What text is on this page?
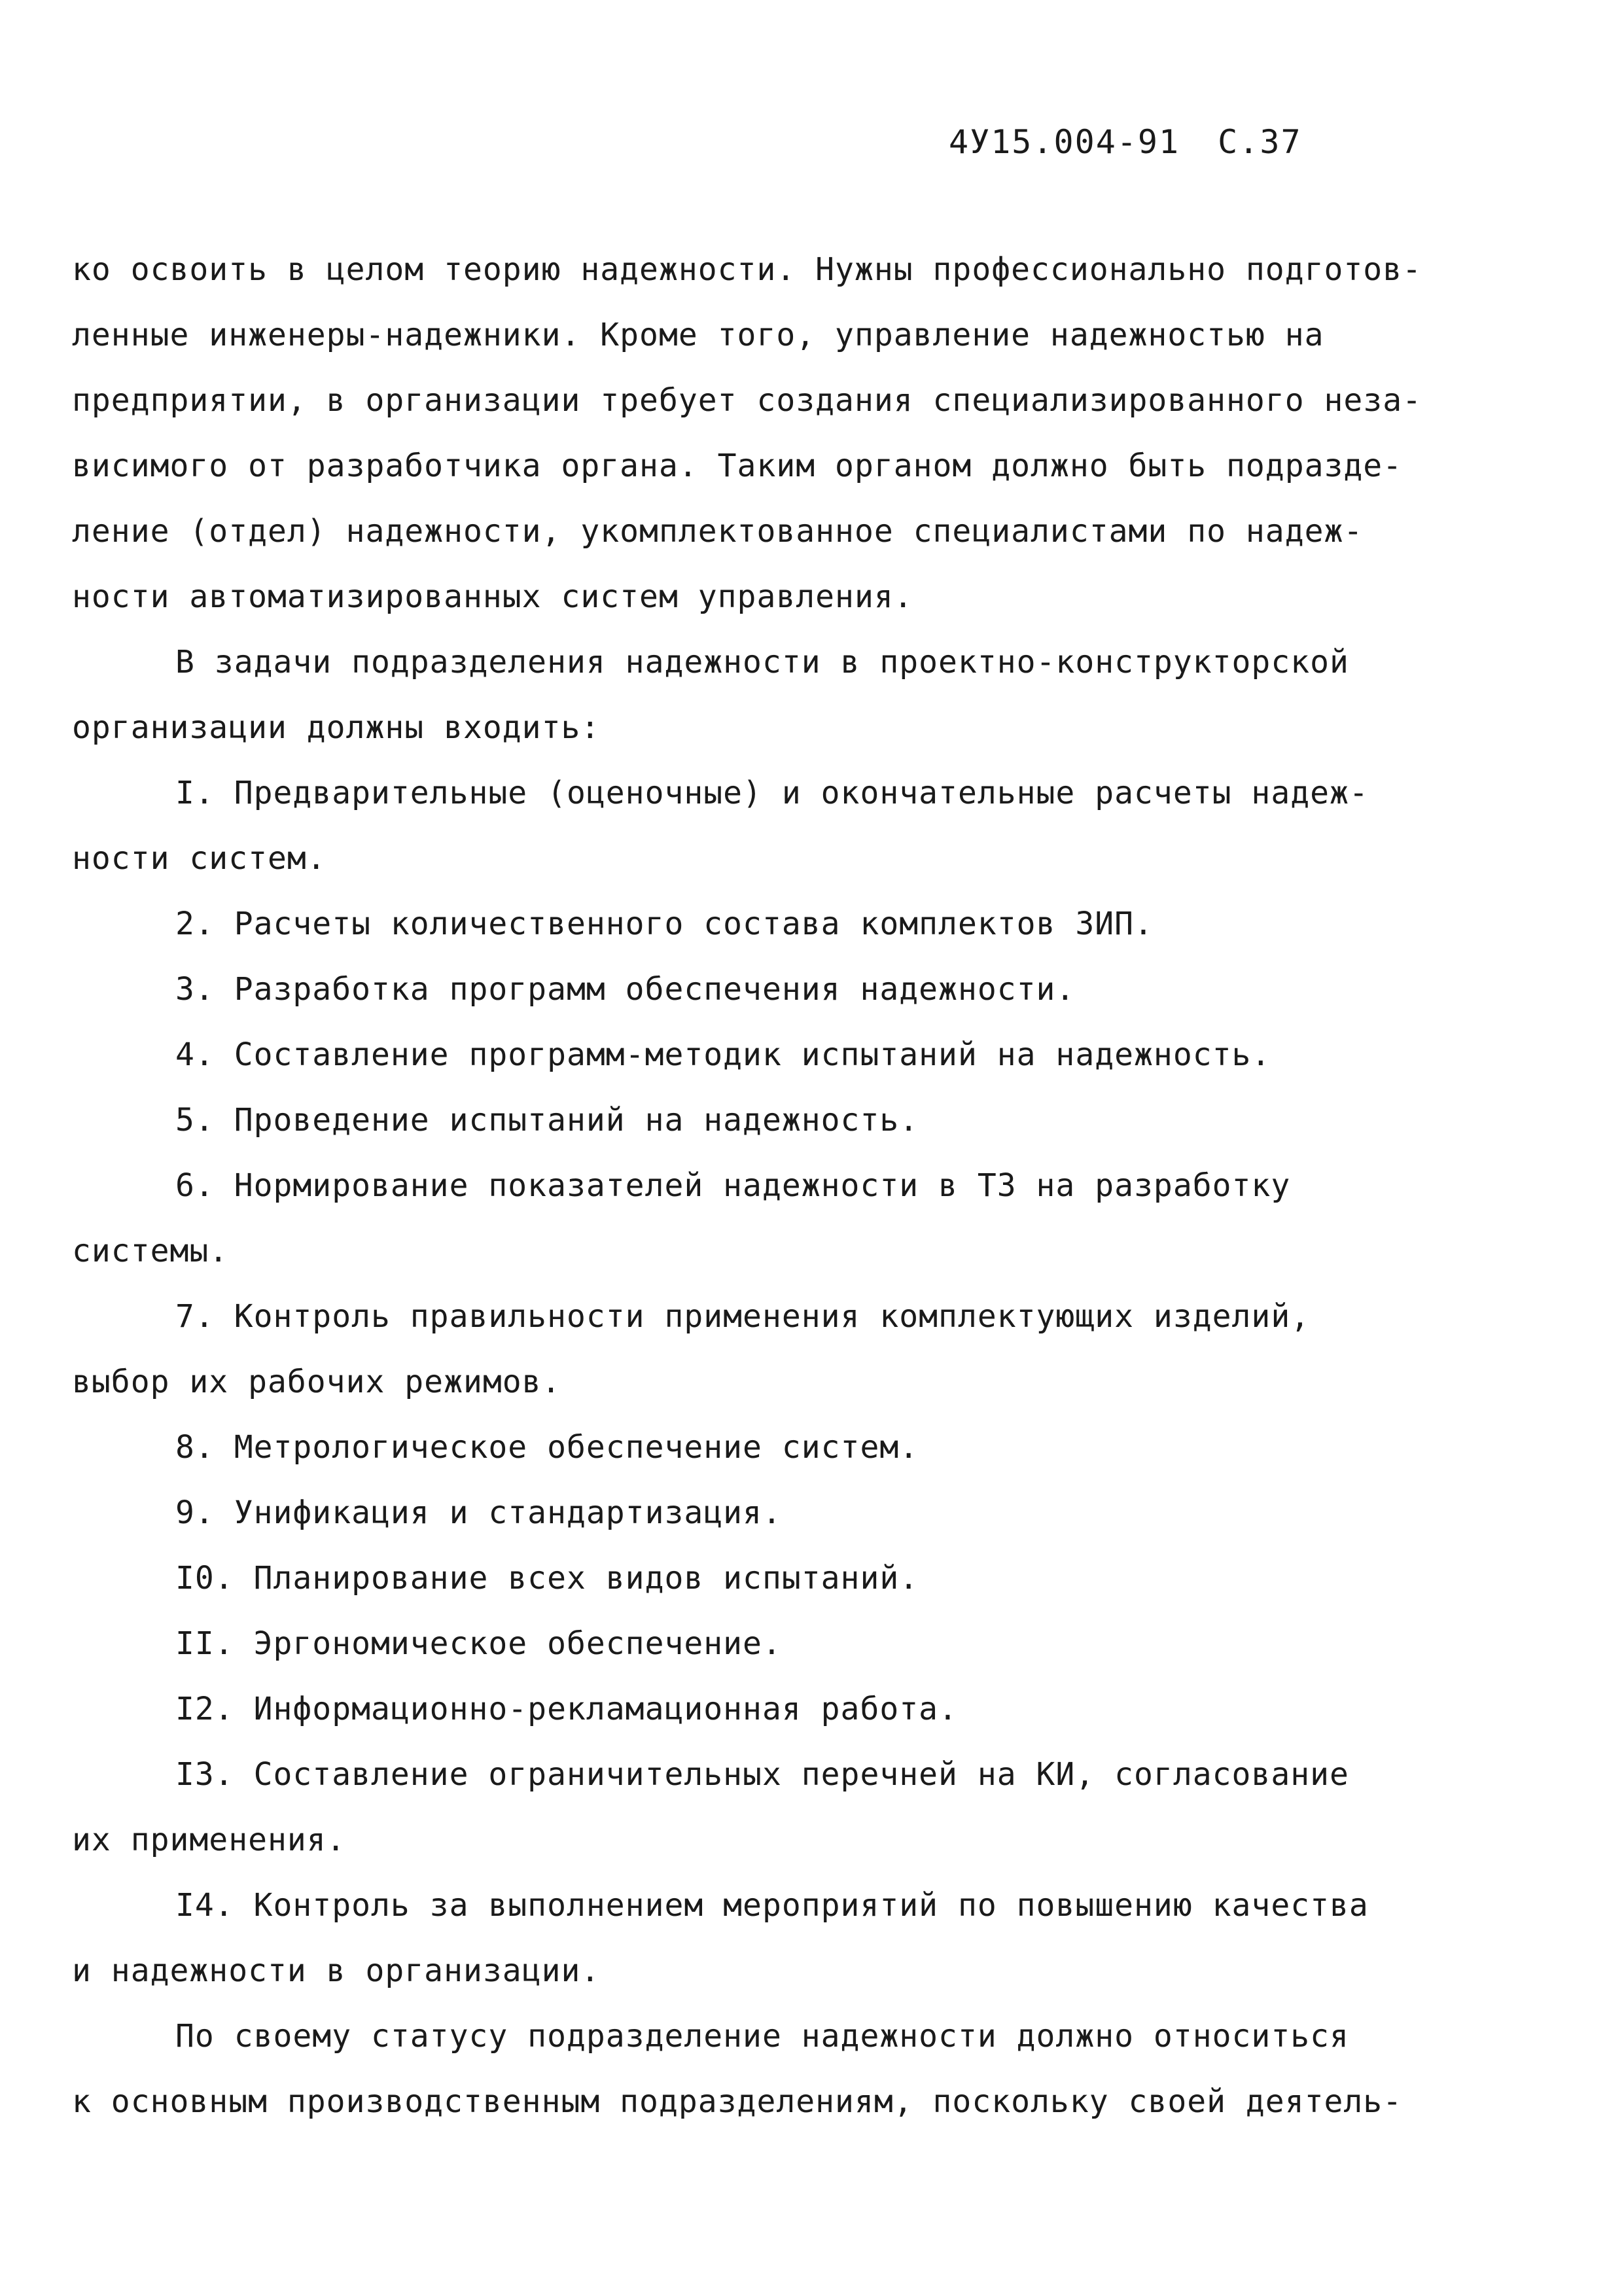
4У15.004-91 С.37
ко освоить в целом теорию надежности. Нужны профессионально подготов-
ленные инженеры-надежники. Кроме того, управление надежностью на
предприятии, в организации требует создания специализированного неза-
висимого от разработчика органа. Таким органом должно быть подразде-
ление (отдел) надежности, укомплектованное специалистами по надеж-
ности автоматизированных систем управления.
В задачи подразделения надежности в проектно-конструкторской
организации должны входить:
I. Предварительные (оценочные) и окончательные расчеты надеж-
ности систем.
2. Расчеты количественного состава комплектов ЗИП.
3. Разработка программ обеспечения надежности.
4. Составление программ-методик испытаний на надежность.
5. Проведение испытаний на надежность.
6. Нормирование показателей надежности в ТЗ на разработку
системы.
7. Контроль правильности применения комплектующих изделий,
выбор их рабочих режимов.
8. Метрологическое обеспечение систем.
9. Унификация и стандартизация.
I0. Планирование всех видов испытаний.
II. Эргономическое обеспечение.
I2. Информационно-рекламационная работа.
I3. Составление ограничительных перечней на КИ, согласование
их применения.
I4. Контроль за выполнением мероприятий по повышению качества
и надежности в организации.
По своему статусу подразделение надежности должно относиться
к основным производственным подразделениям, поскольку своей деятель-
